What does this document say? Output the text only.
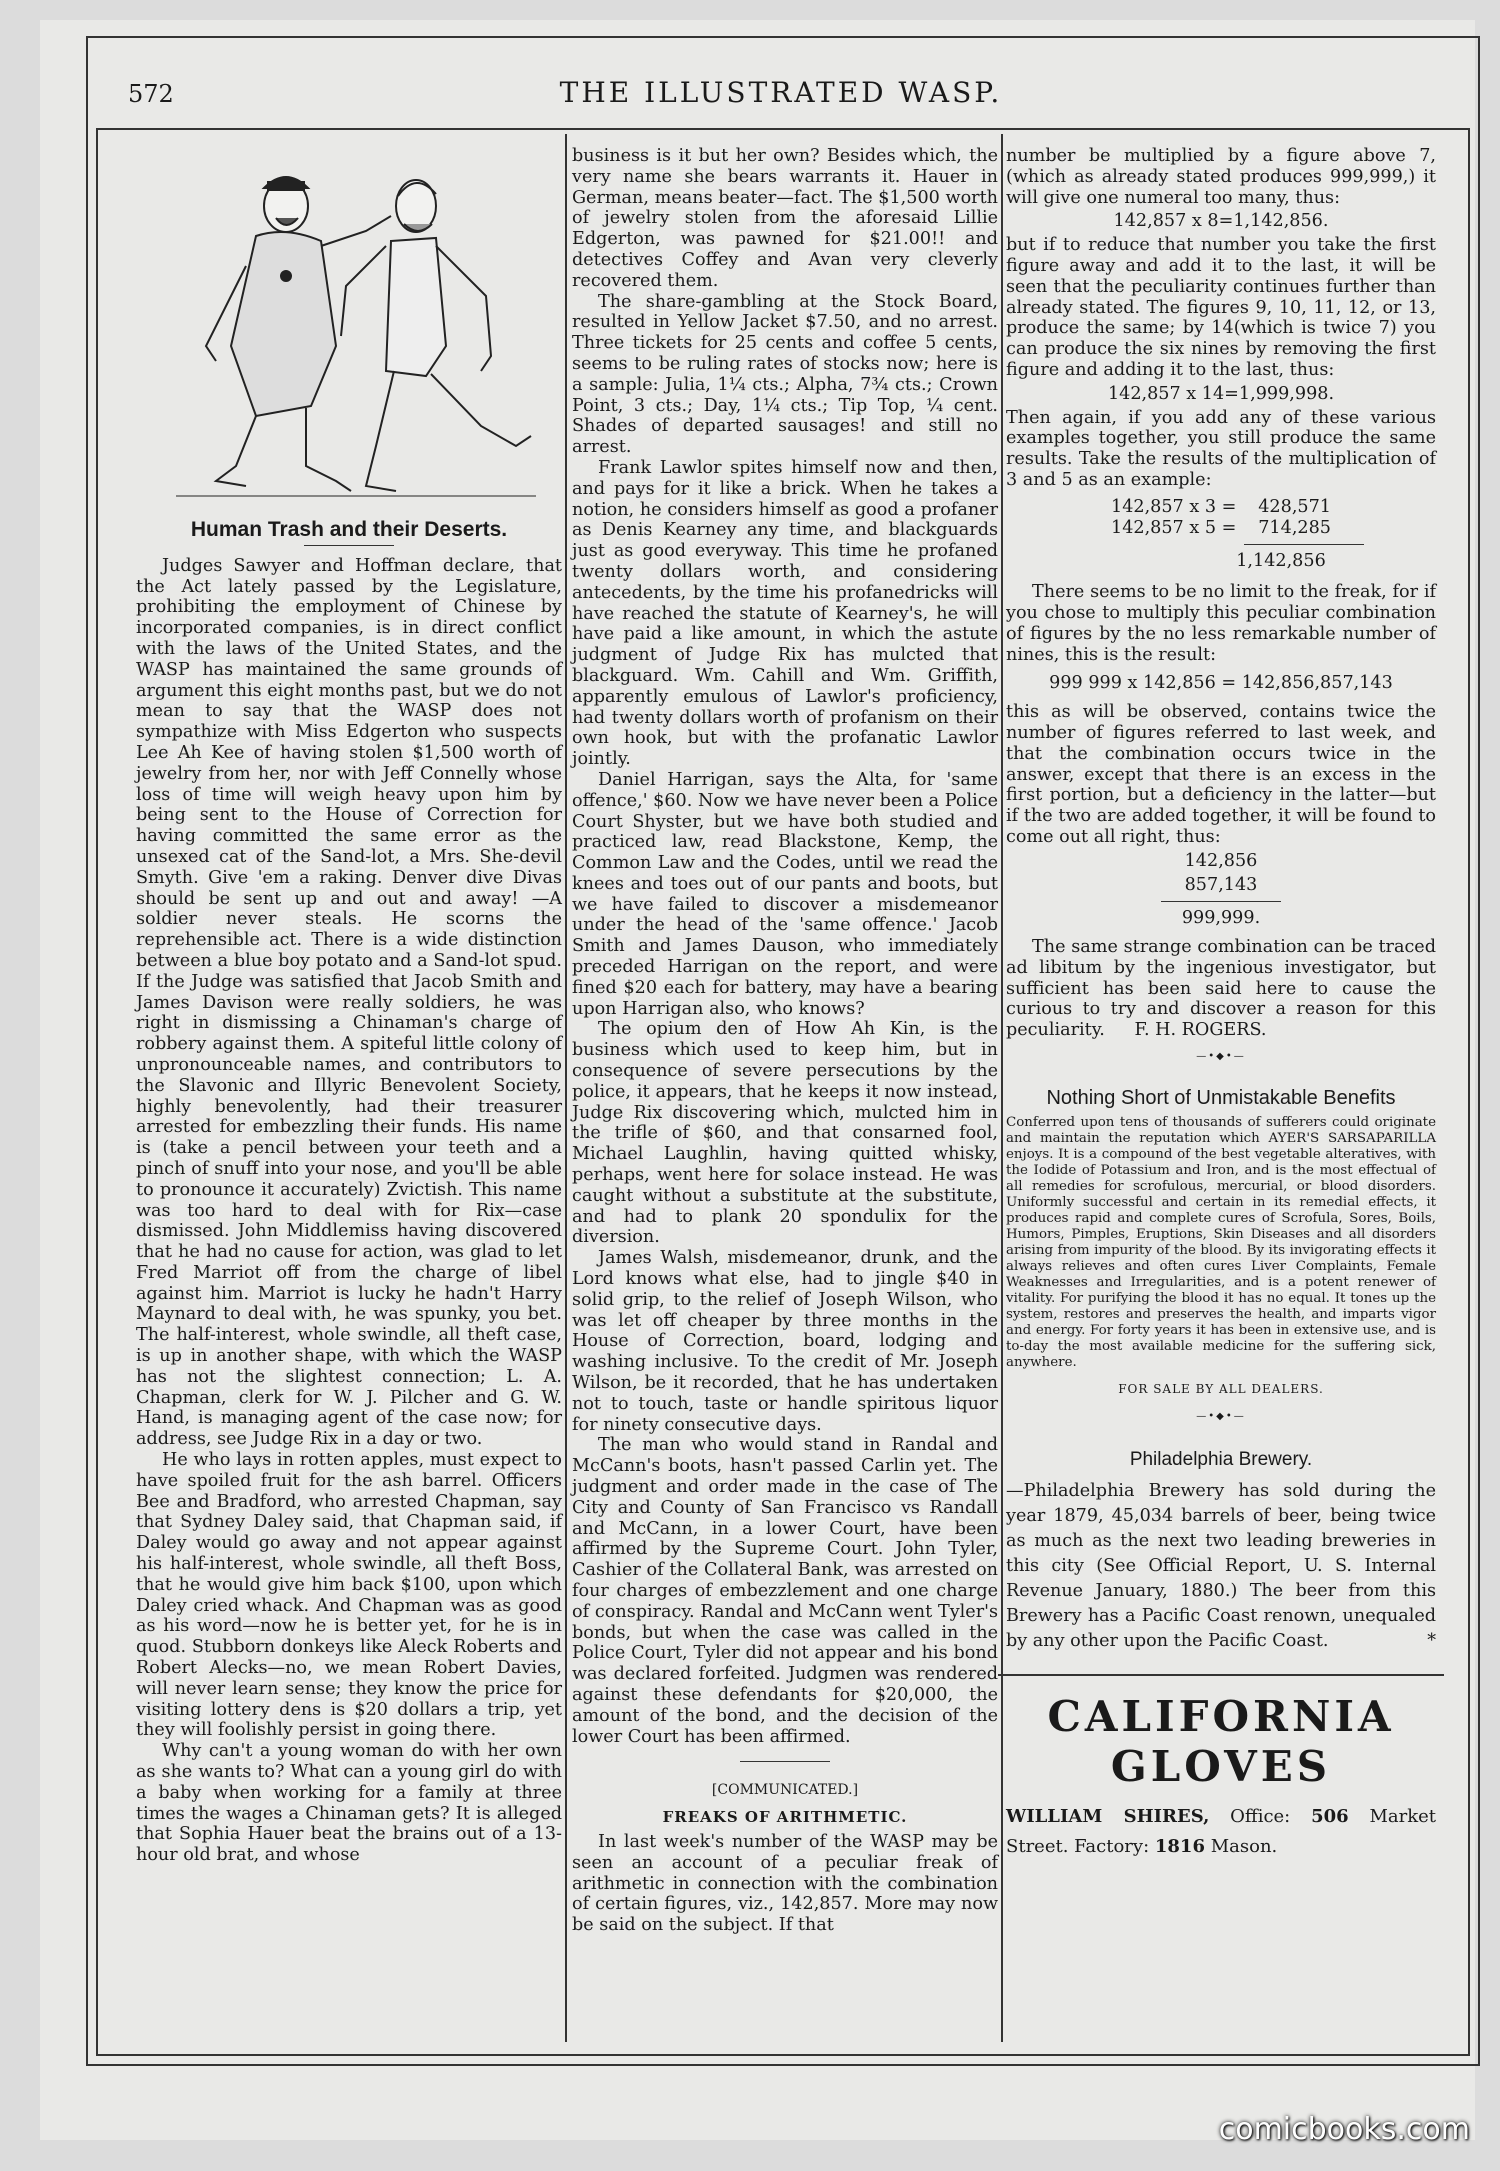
572	THE ILLUSTRATED WASP.
Human Trash and their Deserts.

Judges Sawyer and Hoffman declare, that the Act lately passed by the Legislature, prohibiting the employment of Chinese by incorporated companies, is in direct conflict with the laws of the United States, and the WASP has maintained the same grounds of argument this eight months past, but we do not mean to say that the WASP does not sympathize with Miss Edgerton who suspects Lee Ah Kee of having stolen $1,500 worth of jewelry from her, nor with Jeff Connelly whose loss of time will weigh heavy upon him by being sent to the House of Correction for having committed the same error as the unsexed cat of the Sand-lot, a Mrs. She-devil Smyth. Give 'em a raking. Denver dive Divas should be sent up and out and away! —A soldier never steals. He scorns the reprehensible act. There is a wide distinction between a blue boy potato and a Sand-lot spud. If the Judge was satisfied that Jacob Smith and James Davison were really soldiers, he was right in dismissing a Chinaman's charge of robbery against them. A spiteful little colony of unpronounceable names, and contributors to the Slavonic and Illyric Benevolent Society, highly benevolently, had their treasurer arrested for embezzling their funds. His name is (take a pencil between your teeth and a pinch of snuff into your nose, and you'll be able to pronounce it accurately) Zvictish. This name was too hard to deal with for Rix—case dismissed. John Middlemiss having discovered that he had no cause for action, was glad to let Fred Marriot off from the charge of libel against him. Marriot is lucky he hadn't Harry Maynard to deal with, he was spunky, you bet. The half-interest, whole swindle, all theft case, is up in another shape, with which the WASP has not the slightest connection; L. A. Chapman, clerk for W. J. Pilcher and G. W. Hand, is managing agent of the case now; for address, see Judge Rix in a day or two.

He who lays in rotten apples, must expect to have spoiled fruit for the ash barrel. Officers Bee and Bradford, who arrested Chapman, say that Sydney Daley said, that Chapman said, if Daley would go away and not appear against his half-interest, whole swindle, all theft Boss, that he would give him back $100, upon which Daley cried whack. And Chapman was as good as his word—now he is better yet, for he is in quod. Stubborn donkeys like Aleck Roberts and Robert Alecks—no, we mean Robert Davies, will never learn sense; they know the price for visiting lottery dens is $20 dollars a trip, yet they will foolishly persist in going there.

Why can't a young woman do with her own as she wants to? What can a young girl do with a baby when working for a family at three times the wages a Chinaman gets? It is alleged that Sophia Hauer beat the brains out of a 13-hour old brat, and whose

business is it but her own? Besides which, the very name she bears warrants it. Hauer in German, means beater—fact. The $1,500 worth of jewelry stolen from the aforesaid Lillie Edgerton, was pawned for $21.00!! and detectives Coffey and Avan very cleverly recovered them.

The share-gambling at the Stock Board, resulted in Yellow Jacket $7.50, and no arrest. Three tickets for 25 cents and coffee 5 cents, seems to be ruling rates of stocks now; here is a sample: Julia, 1¼ cts.; Alpha, 7¾ cts.; Crown Point, 3 cts.; Day, 1¼ cts.; Tip Top, ¼ cent. Shades of departed sausages! and still no arrest.

Frank Lawlor spites himself now and then, and pays for it like a brick. When he takes a notion, he considers himself as good a profaner as Denis Kearney any time, and blackguards just as good everyway. This time he profaned twenty dollars worth, and considering antecedents, by the time his profanedricks will have reached the statute of Kearney's, he will have paid a like amount, in which the astute judgment of Judge Rix has mulcted that blackguard. Wm. Cahill and Wm. Griffith, apparently emulous of Lawlor's proficiency, had twenty dollars worth of profanism on their own hook, but with the profanatic Lawlor jointly.

Daniel Harrigan, says the Alta, for 'same offence,' $60. Now we have never been a Police Court Shyster, but we have both studied and practiced law, read Blackstone, Kemp, the Common Law and the Codes, until we read the knees and toes out of our pants and boots, but we have failed to discover a misdemeanor under the head of the 'same offence.' Jacob Smith and James Dauson, who immediately preceded Harrigan on the report, and were fined $20 each for battery, may have a bearing upon Harrigan also, who knows?

The opium den of How Ah Kin, is the business which used to keep him, but in consequence of severe persecutions by the police, it appears, that he keeps it now instead, Judge Rix discovering which, mulcted him in the trifle of $60, and that consarned fool, Michael Laughlin, having quitted whisky, perhaps, went here for solace instead. He was caught without a substitute at the substitute, and had to plank 20 spondulix for the diversion.

James Walsh, misdemeanor, drunk, and the Lord knows what else, had to jingle $40 in solid grip, to the relief of Joseph Wilson, who was let off cheaper by three months in the House of Correction, board, lodging and washing inclusive. To the credit of Mr. Joseph Wilson, be it recorded, that he has undertaken not to touch, taste or handle spiritous liquor for ninety consecutive days.

The man who would stand in Randal and McCann's boots, hasn't passed Carlin yet. The judgment and order made in the case of The City and County of San Francisco vs Randall and McCann, in a lower Court, have been affirmed by the Supreme Court. John Tyler, Cashier of the Collateral Bank, was arrested on four charges of embezzlement and one charge of conspiracy. Randal and McCann went Tyler's bonds, but when the case was called in the Police Court, Tyler did not appear and his bond was declared forfeited. Judgmen was rendered against these defendants for $20,000, the amount of the bond, and the decision of the lower Court has been affirmed.

[COMMUNICATED.]
FREAKS OF ARITHMETIC.

In last week's number of the WASP may be seen an account of a peculiar freak of arithmetic in connection with the combination of certain figures, viz., 142,857. More may now be said on the subject. If that

number be multiplied by a figure above 7, (which as already stated produces 999,999,) it will give one numeral too many, thus:

142,857 x 8=1,142,856.

but if to reduce that number you take the first figure away and add it to the last, it will be seen that the peculiarity continues further than already stated. The figures 9, 10, 11, 12, or 13, produce the same; by 14(which is twice 7) you can produce the six nines by removing the first figure and adding it to the last, thus:

142,857 x 14=1,999,998.

Then again, if you add any of these various examples together, you still produce the same results. Take the results of the multiplication of 3 and 5 as an example:

142,857 x 3 = 428,571
142,857 x 5 = 714,285
1,142,856

There seems to be no limit to the freak, for if you chose to multiply this peculiar combination of figures by the no less remarkable number of nines, this is the result:

999 999 x 142,856 = 142,856,857,143

this as will be observed, contains twice the number of figures referred to last week, and that the combination occurs twice in the answer, except that there is an excess in the first portion, but a deficiency in the latter—but if the two are added together, it will be found to come out all right, thus:

142,856
857,143
999,999.

The same strange combination can be traced ad libitum by the ingenious investigator, but sufficient has been said here to cause the curious to try and discover a reason for this peculiarity. F. H. ROGERS.

—•◆•—
Nothing Short of Unmistakable Benefits
Conferred upon tens of thousands of sufferers could originate and maintain the reputation which AYER'S SARSAPARILLA enjoys. It is a compound of the best vegetable alteratives, with the Iodide of Potassium and Iron, and is the most effectual of all remedies for scrofulous, mercurial, or blood disorders. Uniformly successful and certain in its remedial effects, it produces rapid and complete cures of Scrofula, Sores, Boils, Humors, Pimples, Eruptions, Skin Diseases and all disorders arising from impurity of the blood. By its invigorating effects it always relieves and often cures Liver Complaints, Female Weaknesses and Irregularities, and is a potent renewer of vitality. For purifying the blood it has no equal. It tones up the system, restores and preserves the health, and imparts vigor and energy. For forty years it has been in extensive use, and is to-day the most available medicine for the suffering sick, anywhere.
FOR SALE BY ALL DEALERS.
—•◆•—
Philadelphia Brewery.
—Philadelphia Brewery has sold during the year 1879, 45,034 barrels of beer, being twice as much as the next two leading breweries in this city (See Official Report, U. S. Internal Revenue January, 1880.) The beer from this Brewery has a Pacific Coast renown, unequaled by any other upon the Pacific Coast.	*
CALIFORNIA
GLOVES
WILLIAM SHIRES, Office: 506 Market Street. Factory: 1816 Mason.
comicbooks.com
